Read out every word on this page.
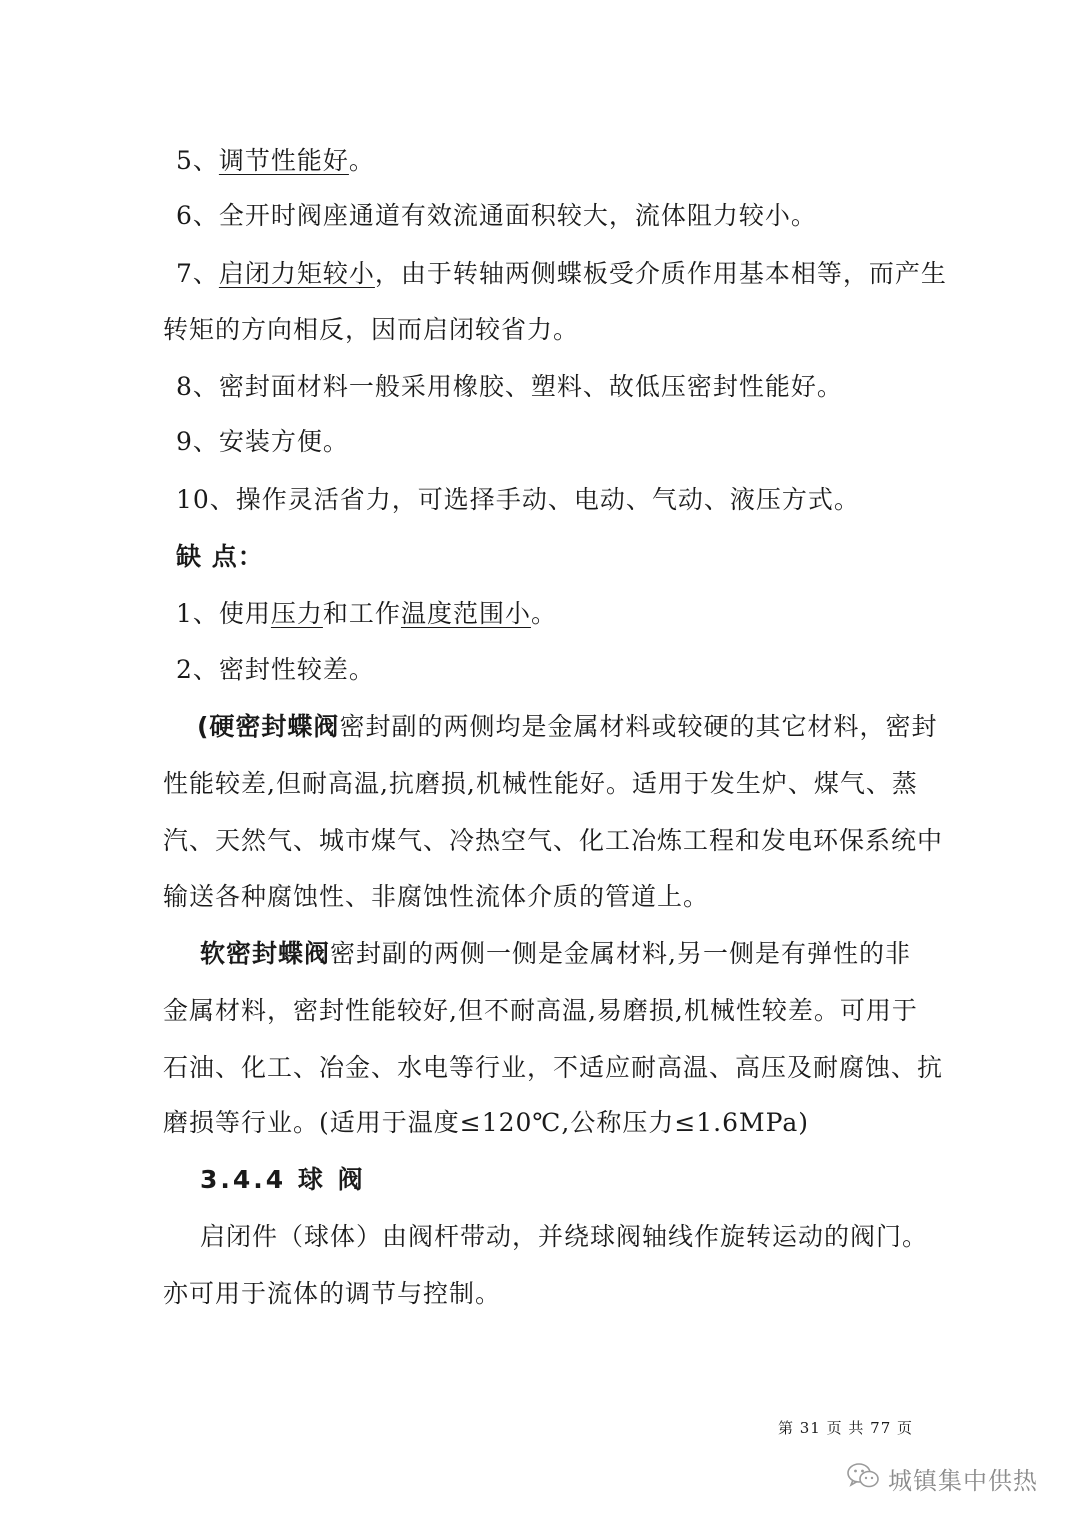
5、调节性能好。
6、全开时阀座通道有效流通面积较大，流体阻力较小。
7、启闭力矩较小，由于转轴两侧蝶板受介质作用基本相等，而产生
转矩的方向相反，因而启闭较省力。
8、密封面材料一般采用橡胶、塑料、故低压密封性能好。
9、安装方便。
10、操作灵活省力，可选择手动、电动、气动、液压方式。
缺 点：
1、使用压力和工作温度范围小。
2、密封性较差。
(硬密封蝶阀密封副的两侧均是金属材料或较硬的其它材料，密封
性能较差,但耐高温,抗磨损,机械性能好。适用于发生炉、煤气、蒸
汽、天然气、城市煤气、冷热空气、化工冶炼工程和发电环保系统中
输送各种腐蚀性、非腐蚀性流体介质的管道上。
软密封蝶阀密封副的两侧一侧是金属材料,另一侧是有弹性的非
金属材料，密封性能较好,但不耐高温,易磨损,机械性较差。可用于
石油、化工、冶金、水电等行业，不适应耐高温、高压及耐腐蚀、抗
磨损等行业。(适用于温度≤120℃,公称压力≤1.6MPa)
3.4.4 球 阀
启闭件（球体）由阀杆带动，并绕球阀轴线作旋转运动的阀门。
亦可用于流体的调节与控制。
第 31 页 共 77 页
城镇集中供热
